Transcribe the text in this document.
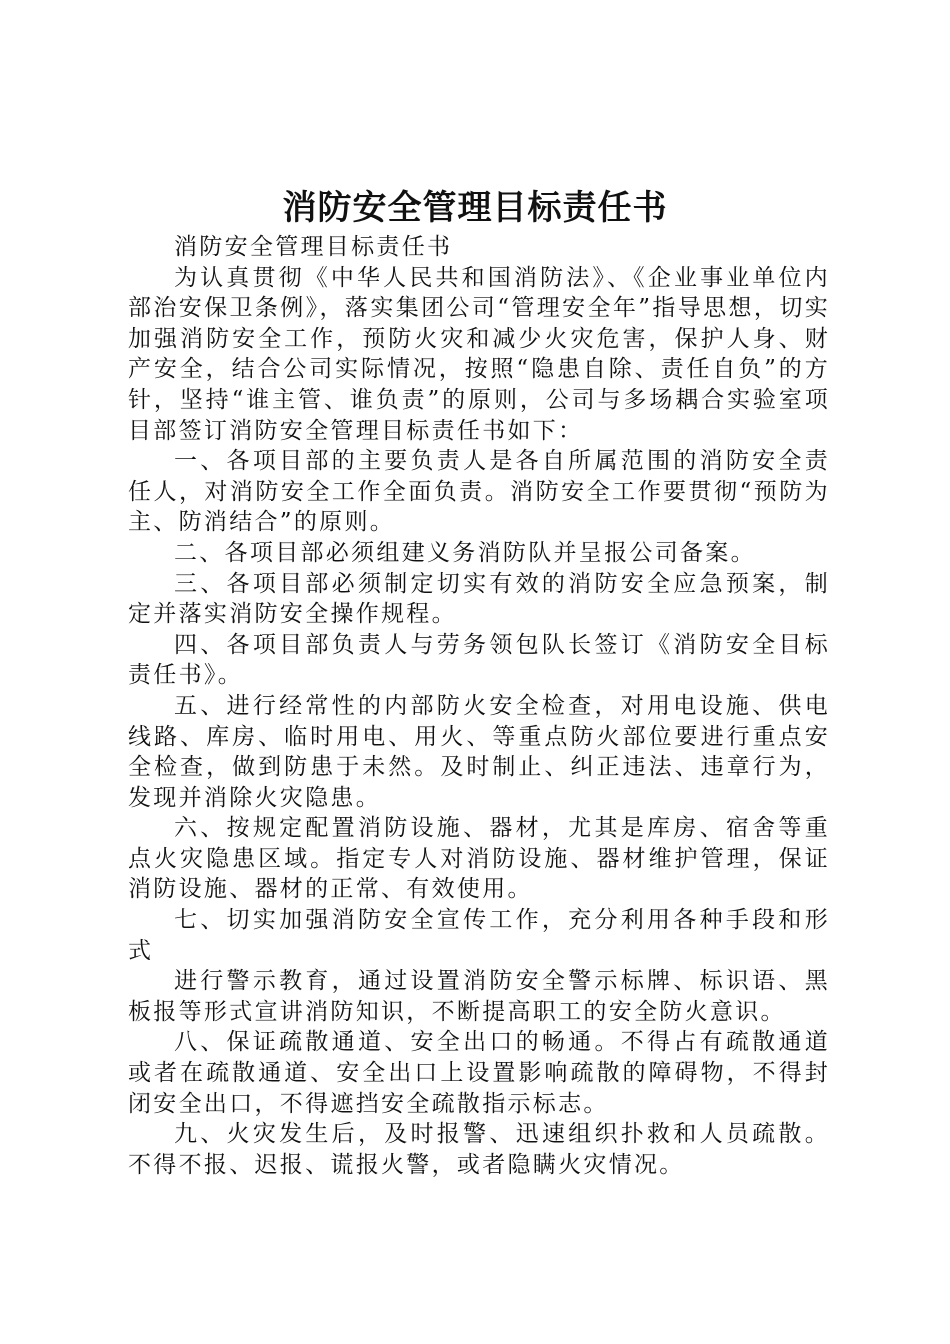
消防安全管理目标责任书

消防安全管理目标责任书

为认真贯彻《中华人民共和国消防法》、《企业事业单位内部治安保卫条例》，落实集团公司“管理安全年”指导思想，切实加强消防安全工作，预防火灾和减少火灾危害，保护人身、财产安全，结合公司实际情况，按照“隐患自除、责任自负”的方针，坚持“谁主管、谁负责”的原则，公司与多场耦合实验室项目部签订消防安全管理目标责任书如下：

一、各项目部的主要负责人是各自所属范围的消防安全责任人，对消防安全工作全面负责。消防安全工作要贯彻“预防为主、防消结合”的原则。

二、各项目部必须组建义务消防队并呈报公司备案。

三、各项目部必须制定切实有效的消防安全应急预案，制定并落实消防安全操作规程。

四、各项目部负责人与劳务领包队长签订《消防安全目标责任书》。

五、进行经常性的内部防火安全检查，对用电设施、供电线路、库房、临时用电、用火、等重点防火部位要进行重点安全检查，做到防患于未然。及时制止、纠正违法、违章行为，发现并消除火灾隐患。

六、按规定配置消防设施、器材，尤其是库房、宿舍等重点火灾隐患区域。指定专人对消防设施、器材维护管理，保证消防设施、器材的正常、有效使用。

七、切实加强消防安全宣传工作，充分利用各种手段和形式

进行警示教育，通过设置消防安全警示标牌、标识语、黑板报等形式宣讲消防知识，不断提高职工的安全防火意识。

八、保证疏散通道、安全出口的畅通。不得占有疏散通道或者在疏散通道、安全出口上设置影响疏散的障碍物，不得封闭安全出口，不得遮挡安全疏散指示标志。

九、火灾发生后，及时报警、迅速组织扑救和人员疏散。不得不报、迟报、谎报火警，或者隐瞒火灾情况。
